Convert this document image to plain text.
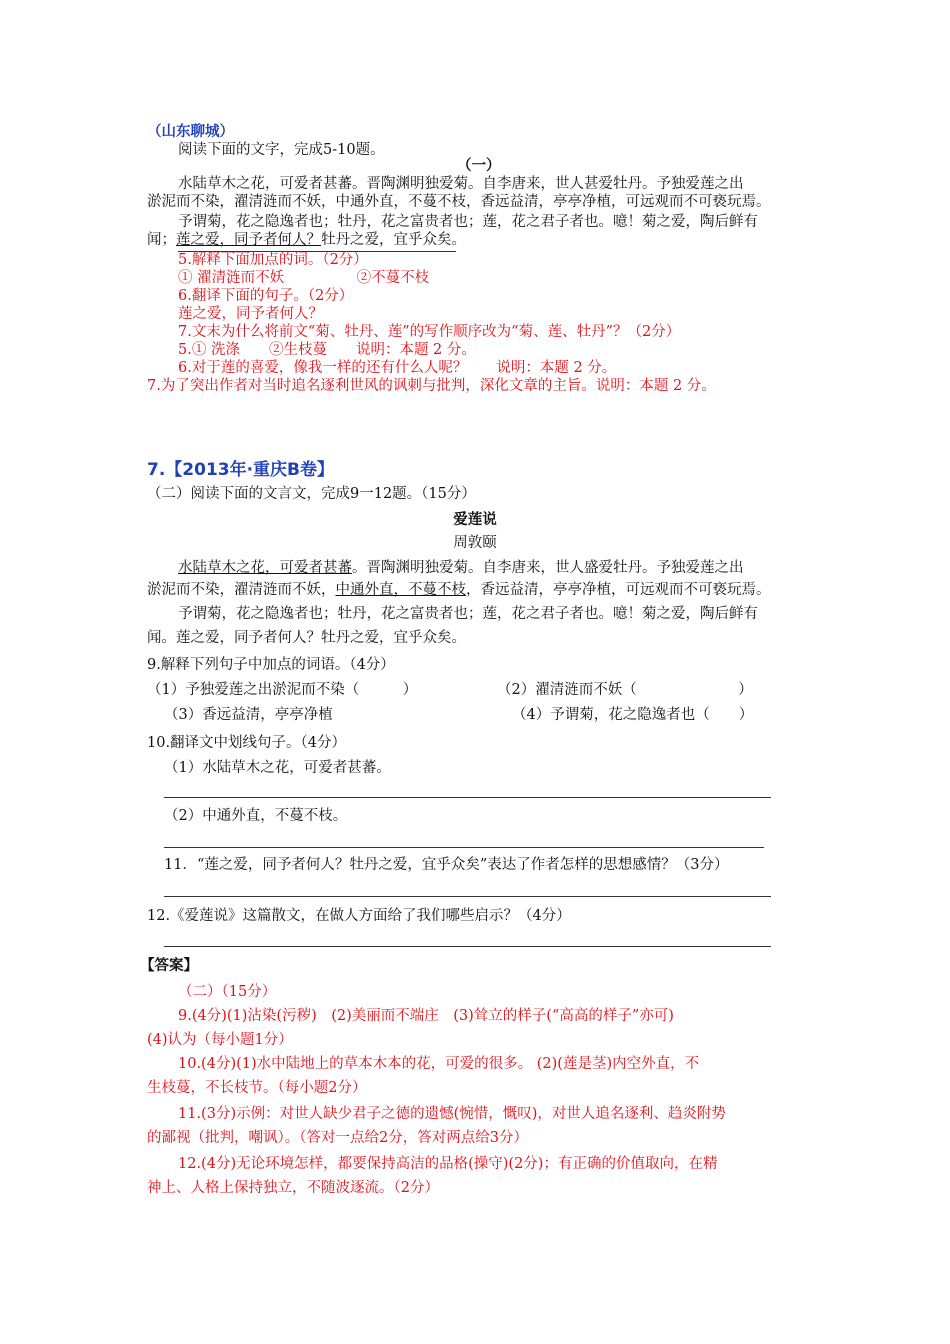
（山东聊城）
阅读下面的文字，完成5-10题。
（一）
水陆草木之花，可爱者甚蕃。晋陶渊明独爱菊。自李唐来，世人甚爱牡丹。予独爱莲之出
淤泥而不染，濯清涟而不妖，中通外直，不蔓不枝，香远益清，亭亭净植，可远观而不可亵玩焉。
予谓菊，花之隐逸者也；牡丹，花之富贵者也；莲，花之君子者也。噫！菊之爱，陶后鲜有
闻；莲之爱，同予者何人？牡丹之爱，宜乎众矣。
5.解释下面加点的词。（2分）
① 濯清涟而不妖　　　　　②不蔓不枝
6.翻译下面的句子。（2分）
莲之爱，同予者何人？
7.文末为什么将前文“菊、牡丹、莲”的写作顺序改为“菊、莲、牡丹”？（2分）
5.① 洗涤　　②生枝蔓　　说明：本题 2 分。
6.对于莲的喜爱，像我一样的还有什么人呢？　　说明：本题 2 分。
7.为了突出作者对当时追名逐利世风的讽刺与批判，深化文章的主旨。说明：本题 2 分。
7.【2013年·重庆B卷】
（二）阅读下面的文言文，完成9一12题。（15分）
爱莲说
周敦颐
水陆草木之花，可爱者甚蕃。晋陶渊明独爱菊。自李唐来，世人盛爱牡丹。予独爱莲之出
淤泥而不染，濯清涟而不妖，中通外直，不蔓不枝，香远益清，亭亭净植，可远观而不可亵玩焉。
予谓菊，花之隐逸者也；牡丹，花之富贵者也；莲，花之君子者也。噫！菊之爱，陶后鲜有
闻。莲之爱，同予者何人？牡丹之爱，宜乎众矣。
9.解释下列句子中加点的词语。（4分）
（1）予独爱莲之出淤泥而不染（　　　）	（2）濯清涟而不妖（　　　　　　　）
（3）香远益清，亭亭净植	（4）予谓菊，花之隐逸者也（　　）
10.翻译文中划线句子。（4分）
（1）水陆草木之花，可爱者甚蕃。
（2）中通外直，不蔓不枝。
11．“莲之爱，同予者何人？牡丹之爱，宜乎众矣”表达了作者怎样的思想感情？（3分）
12.《爱莲说》这篇散文，在做人方面给了我们哪些启示？（4分）
【答案】
（二）（15分）
9.(4分)(1)沾染(污秽)　(2)美丽而不端庄　(3)耸立的样子(“高高的样子”亦可)
(4)认为（每小题1分）
10.(4分)(1)水中陆地上的草本木本的花，可爱的很多。 (2)(莲是茎)内空外直，不
生枝蔓，不长枝节。（每小题2分）
11.(3分)示例：对世人缺少君子之德的遗憾(惋惜，慨叹)，对世人追名逐利、趋炎附势
的鄙视（批判，嘲讽）。（答对一点给2分，答对两点给3分）
12.(4分)无论环境怎样，都要保持高洁的品格(操守)(2分)；有正确的价值取向，在精
神上、人格上保持独立，不随波逐流。（2分）
